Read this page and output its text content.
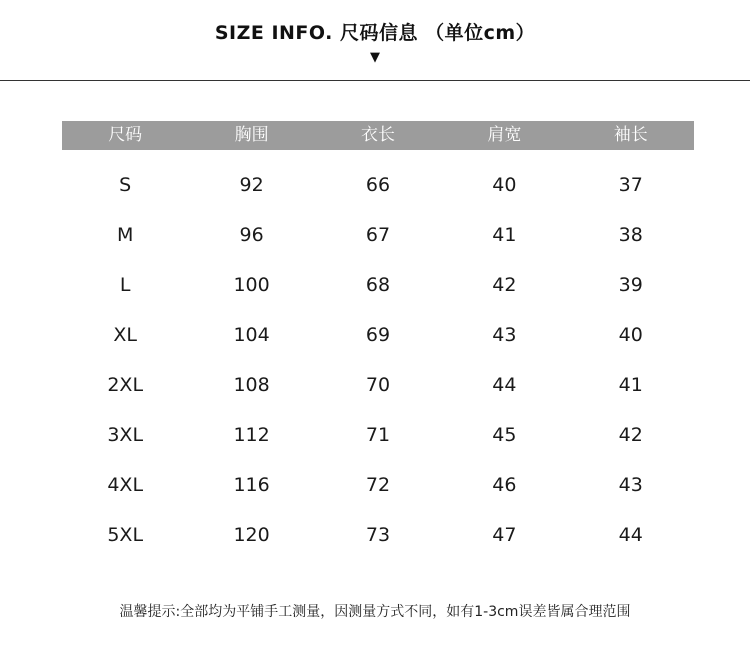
SIZE INFO. 尺码信息 （单位cm）
▼
尺码	胸围	衣长	肩宽	袖长
S	92	66	40	37
M	96	67	41	38
L	100	68	42	39
XL	104	69	43	40
2XL	108	70	44	41
3XL	112	71	45	42
4XL	116	72	46	43
5XL	120	73	47	44
温馨提示:全部均为平铺手工测量，因测量方式不同，如有1-3cm误差皆属合理范围
